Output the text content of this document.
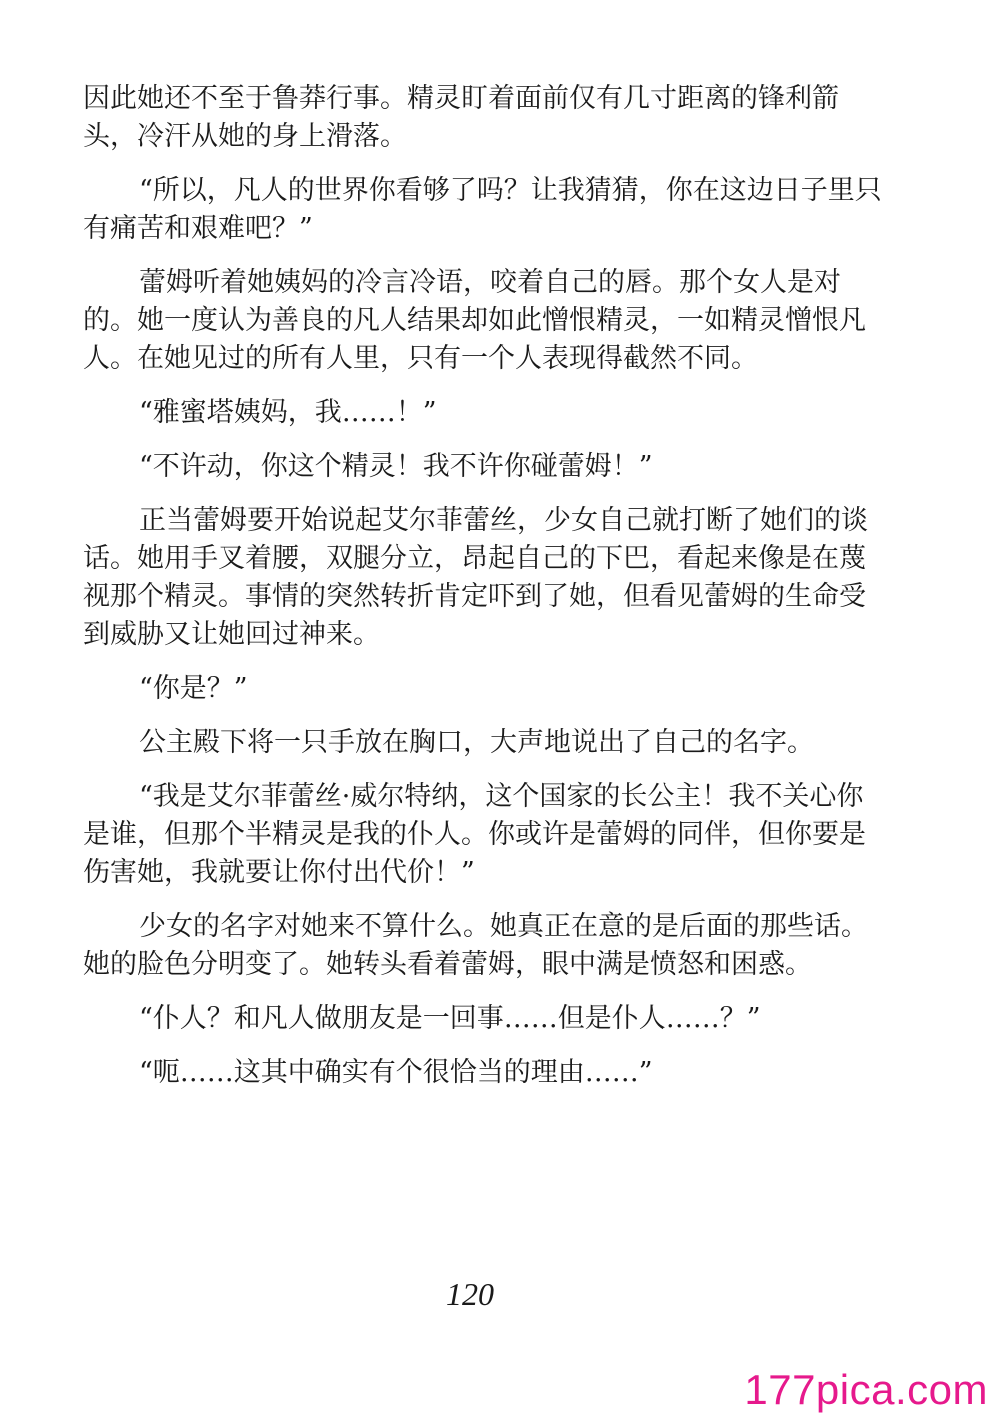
因此她还不至于鲁莽行事。精灵盯着面前仅有几寸距离的锋利箭头，冷汗从她的身上滑落。

“所以，凡人的世界你看够了吗？让我猜猜，你在这边日子里只有痛苦和艰难吧？”

蕾姆听着她姨妈的冷言冷语，咬着自己的唇。那个女人是对的。她一度认为善良的凡人结果却如此憎恨精灵，一如精灵憎恨凡人。在她见过的所有人里，只有一个人表现得截然不同。

“雅蜜塔姨妈，我……！”

“不许动，你这个精灵！我不许你碰蕾姆！”

正当蕾姆要开始说起艾尔菲蕾丝，少女自己就打断了她们的谈话。她用手叉着腰，双腿分立，昂起自己的下巴，看起来像是在蔑视那个精灵。事情的突然转折肯定吓到了她，但看见蕾姆的生命受到威胁又让她回过神来。

“你是？”

公主殿下将一只手放在胸口，大声地说出了自己的名字。

“我是艾尔菲蕾丝·威尔特纳，这个国家的长公主！我不关心你是谁，但那个半精灵是我的仆人。你或许是蕾姆的同伴，但你要是伤害她，我就要让你付出代价！”

少女的名字对她来不算什么。她真正在意的是后面的那些话。她的脸色分明变了。她转头看着蕾姆，眼中满是愤怒和困惑。

“仆人？和凡人做朋友是一回事……但是仆人……？”

“呃……这其中确实有个很恰当的理由……”

120
177pica.com
